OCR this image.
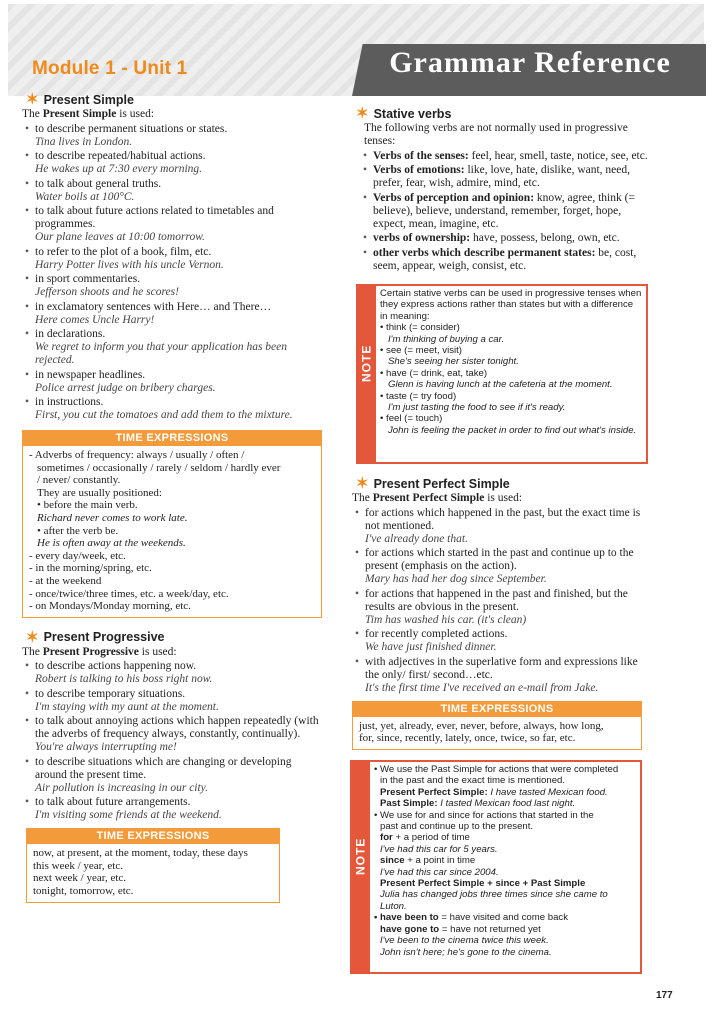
Module 1 - Unit 1	Grammar Reference
✶ Present Simple
The Present Simple is used:
• to describe permanent situations or states.
Tina lives in London.
• to describe repeated/habitual actions.
He wakes up at 7:30 every morning.
• to talk about general truths.
Water boils at 100°C.
• to talk about future actions related to timetables and programmes.
Our plane leaves at 10:00 tomorrow.
• to refer to the plot of a book, film, etc.
Harry Potter lives with his uncle Vernon.
• in sport commentaries.
Jefferson shoots and he scores!
• in exclamatory sentences with Here… and There…
Here comes Uncle Harry!
• in declarations.
We regret to inform you that your application has been rejected.
• in newspaper headlines.
Police arrest judge on bribery charges.
• in instructions.
First, you cut the tomatoes and add them to the mixture.
TIME EXPRESSIONS
- Adverbs of frequency: always / usually / often /
sometimes / occasionally / rarely / seldom / hardly ever
/ never/ constantly.
They are usually positioned:
• before the main verb.
Richard never comes to work late.
• after the verb be.
He is often away at the weekends.
- every day/week, etc.
- in the morning/spring, etc.
- at the weekend
- once/twice/three times, etc. a week/day, etc.
- on Mondays/Monday morning, etc.
✶ Present Progressive
The Present Progressive is used:
• to describe actions happening now.
Robert is talking to his boss right now.
• to describe temporary situations.
I'm staying with my aunt at the moment.
• to talk about annoying actions which happen repeatedly (with the adverbs of frequency always, constantly, continually).
You're always interrupting me!
• to describe situations which are changing or developing around the present time.
Air pollution is increasing in our city.
• to talk about future arrangements.
I'm visiting some friends at the weekend.
TIME EXPRESSIONS
now, at present, at the moment, today, these days
this week / year, etc.
next week / year, etc.
tonight, tomorrow, etc.
✶ Stative verbs
The following verbs are not normally used in progressive tenses:
• Verbs of the senses: feel, hear, smell, taste, notice, see, etc.
• Verbs of emotions: like, love, hate, dislike, want, need, prefer, fear, wish, admire, mind, etc.
• Verbs of perception and opinion: know, agree, think (= believe), believe, understand, remember, forget, hope, expect, mean, imagine, etc.
• verbs of ownership: have, possess, belong, own, etc.
• other verbs which describe permanent states: be, cost, seem, appear, weigh, consist, etc.
NOTE
Certain stative verbs can be used in progressive tenses when they express actions rather than states but with a difference in meaning:
• think (= consider)
I'm thinking of buying a car.
• see (= meet, visit)
She's seeing her sister tonight.
• have (= drink, eat, take)
Glenn is having lunch at the cafeteria at the moment.
• taste (= try food)
I'm just tasting the food to see if it's ready.
• feel (= touch)
John is feeling the packet in order to find out what's inside.
✶ Present Perfect Simple
The Present Perfect Simple is used:
• for actions which happened in the past, but the exact time is not mentioned.
I've already done that.
• for actions which started in the past and continue up to the present (emphasis on the action).
Mary has had her dog since September.
• for actions that happened in the past and finished, but the results are obvious in the present.
Tim has washed his car. (it's clean)
• for recently completed actions.
We have just finished dinner.
• with adjectives in the superlative form and expressions like the only/ first/ second…etc.
It's the first time I've received an e-mail from Jake.
TIME EXPRESSIONS
just, yet, already, ever, never, before, always, how long,
for, since, recently, lately, once, twice, so far, etc.
NOTE
• We use the Past Simple for actions that were completed
in the past and the exact time is mentioned.
Present Perfect Simple: I have tasted Mexican food.
Past Simple: I tasted Mexican food last night.
• We use for and since for actions that started in the
past and continue up to the present.
for + a period of time
I've had this car for 5 years.
since + a point in time
I've had this car since 2004.
Present Perfect Simple + since + Past Simple
Julia has changed jobs three times since she came to Luton.
• have been to = have visited and come back
have gone to = have not returned yet
I've been to the cinema twice this week.
John isn't here; he's gone to the cinema.
177
